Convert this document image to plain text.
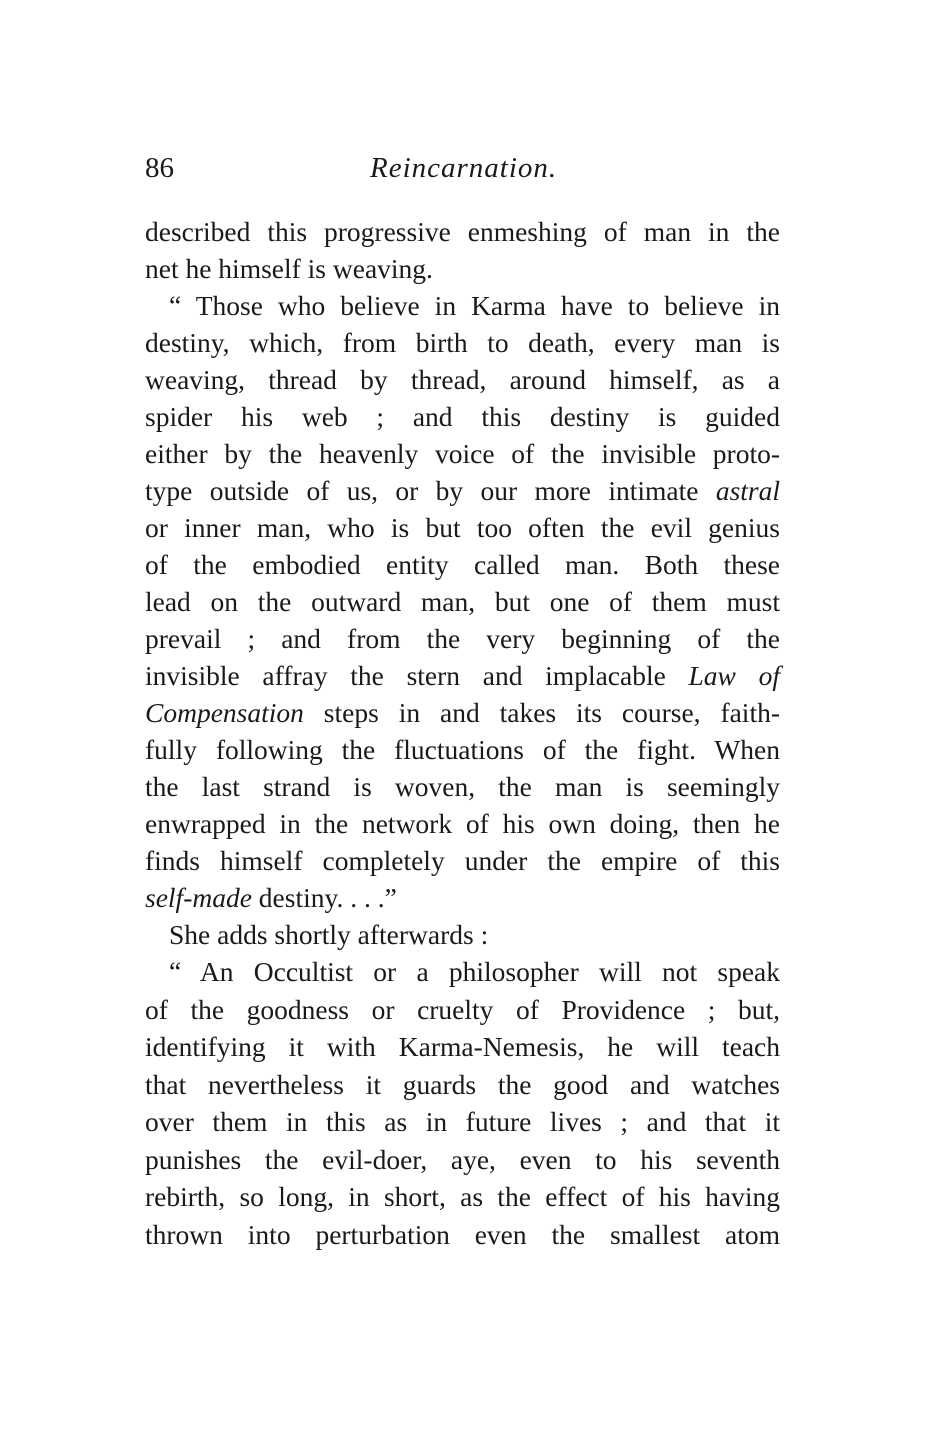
86	Reincarnation.
described this progressive enmeshing of man in the
net he himself is weaving.
“ Those who believe in Karma have to believe in
destiny, which, from birth to death, every man is
weaving, thread by thread, around himself, as a
spider his web ; and this destiny is guided
either by the heavenly voice of the invisible proto-
type outside of us, or by our more intimate astral
or inner man, who is but too often the evil genius
of the embodied entity called man. Both these
lead on the outward man, but one of them must
prevail ; and from the very beginning of the
invisible affray the stern and implacable Law of
Compensation steps in and takes its course, faith-
fully following the fluctuations of the fight. When
the last strand is woven, the man is seemingly
enwrapped in the network of his own doing, then he
finds himself completely under the empire of this
self-made destiny. . . .”
She adds shortly afterwards :
“ An Occultist or a philosopher will not speak
of the goodness or cruelty of Providence ; but,
identifying it with Karma-Nemesis, he will teach
that nevertheless it guards the good and watches
over them in this as in future lives ; and that it
punishes the evil-doer, aye, even to his seventh
rebirth, so long, in short, as the effect of his having
thrown into perturbation even the smallest atom
